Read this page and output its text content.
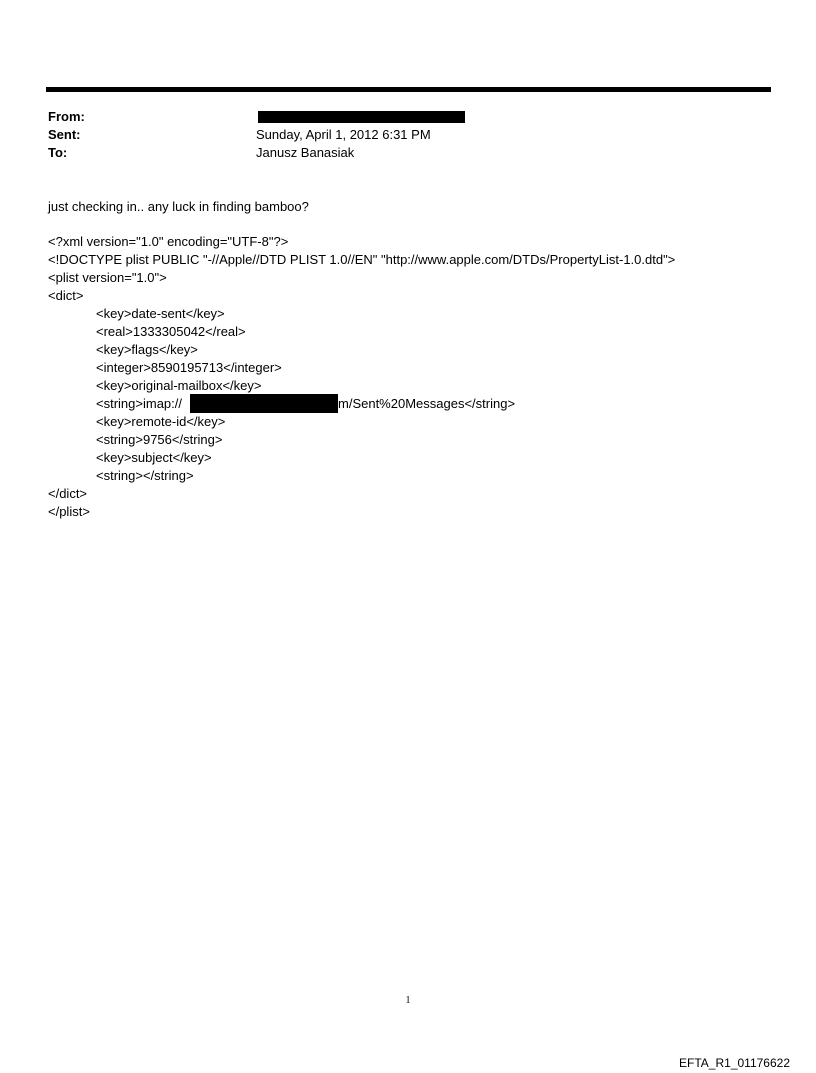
From:
Sent:	Sunday, April 1, 2012 6:31 PM
To:	Janusz Banasiak
just checking in.. any luck in finding bamboo?
<?xml version="1.0" encoding="UTF-8"?>
<!DOCTYPE plist PUBLIC "-//Apple//DTD PLIST 1.0//EN" "http://www.apple.com/DTDs/PropertyList-1.0.dtd">
<plist version="1.0">
<dict>
<key>date-sent</key>
<real>1333305042</real>
<key>flags</key>
<integer>8590195713</integer>
<key>original-mailbox</key>
<string>imap://	m/Sent%20Messages</string>
<key>remote-id</key>
<string>9756</string>
<key>subject</key>
<string></string>
</dict>
</plist>
1
EFTA_R1_01176622
